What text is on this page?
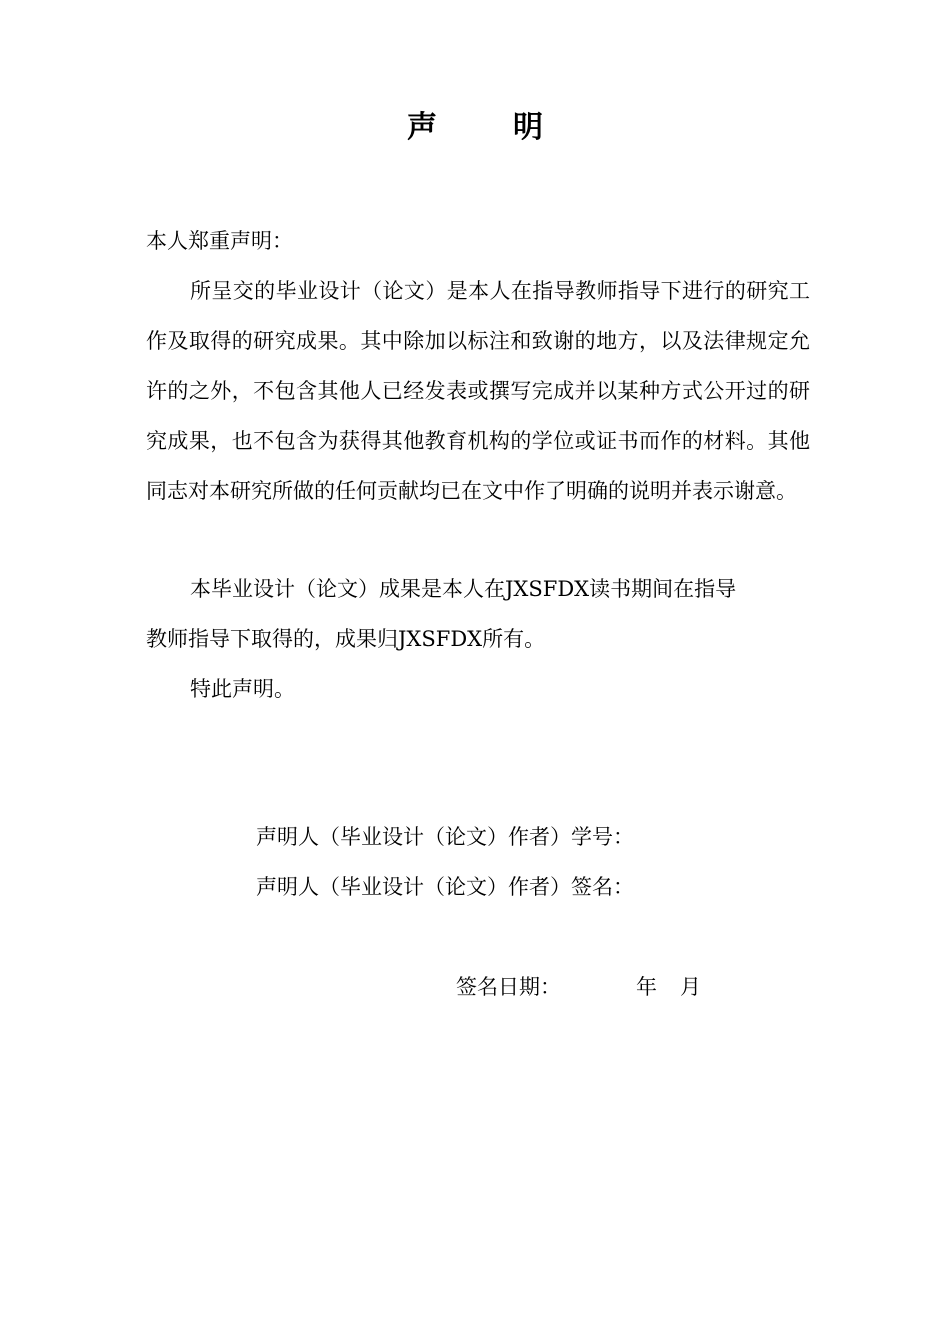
声	明
本人郑重声明：
所呈交的毕业设计（论文）是本人在指导教师指导下进行的研究工作及取得的研究成果。其中除加以标注和致谢的地方，以及法律规定允许的之外，不包含其他人已经发表或撰写完成并以某种方式公开过的研究成果，也不包含为获得其他教育机构的学位或证书而作的材料。其他同志对本研究所做的任何贡献均已在文中作了明确的说明并表示谢意。
本毕业设计（论文）成果是本人在JXSFDX读书期间在指导
教师指导下取得的，成果归JXSFDX所有。
特此声明。
声明人（毕业设计（论文）作者）学号：
声明人（毕业设计（论文）作者）签名：
签名日期：	年 月
